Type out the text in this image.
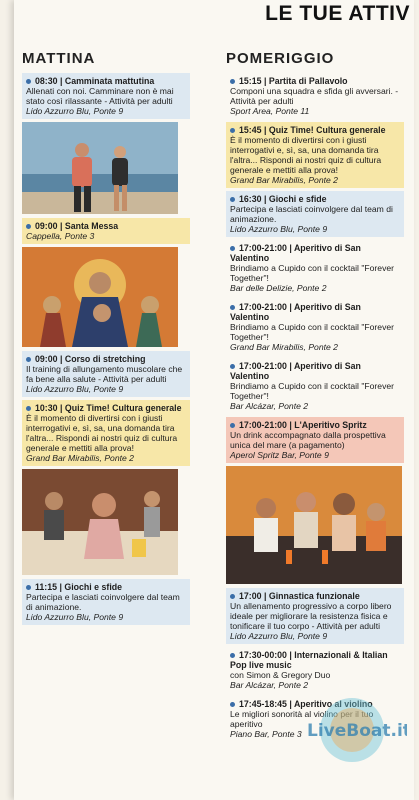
LE TUE ATTIV
MATTINA
08:30 | Camminata mattutina
Allenati con noi. Camminare non è mai stato così rilassante - Attività per adulti
Lido Azzurro Blu, Ponte 9
09:00 | Santa Messa
Cappella, Ponte 3
09:00 | Corso di stretching
Il training di allungamento muscolare che fa bene alla salute - Attività per adulti
Lido Azzurro Blu, Ponte 9
10:30 | Quiz Time! Cultura generale
È il momento di divertirsi con i giusti interrogativi e, sì, sa, una domanda tira l'altra... Rispondi ai nostri quiz di cultura generale e mettiti alla prova!
Grand Bar Mirabilis, Ponte 2
11:15 | Giochi e sfide
Partecipa e lasciati coinvolgere dal team di animazione.
Lido Azzurro Blu, Ponte 9
POMERIGGIO
15:15 | Partita di Pallavolo
Componi una squadra e sfida gli avversari. - Attività per adulti
Sport Area, Ponte 11
15:45 | Quiz Time! Cultura generale
È il momento di divertirsi con i giusti interrogativi e, sì, sa, una domanda tira l'altra... Rispondi ai nostri quiz di cultura generale e mettiti alla prova!
Grand Bar Mirabilis, Ponte 2
16:30 | Giochi e sfide
Partecipa e lasciati coinvolgere dal team di animazione.
Lido Azzurro Blu, Ponte 9
17:00-21:00 | Aperitivo di San Valentino
Brindiamo a Cupido con il cocktail "Forever Together"!
Bar delle Delizie, Ponte 2
17:00-21:00 | Aperitivo di San Valentino
Brindiamo a Cupido con il cocktail "Forever Together"!
Grand Bar Mirabilis, Ponte 2
17:00-21:00 | Aperitivo di San Valentino
Brindiamo a Cupido con il cocktail "Forever Together"!
Bar Alcázar, Ponte 2
17:00-21:00 | L'Aperitivo Spritz
Un drink accompagnato dalla prospettiva unica del mare (a pagamento)
Aperol Spritz Bar, Ponte 9
17:00 | Ginnastica funzionale
Un allenamento progressivo a corpo libero ideale per migliorare la resistenza fisica e tonificare il tuo corpo - Attività per adulti
Lido Azzurro Blu, Ponte 9
17:30-00:00 | Internazionali & Italian Pop live music
con Simon & Gregory Duo
Bar Alcázar, Ponte 2
17:45-18:45 | Aperitivo al violino
Le migliori sonorità al violino per il tuo aperitivo
Piano Bar, Ponte 3 LiveBoat.it
